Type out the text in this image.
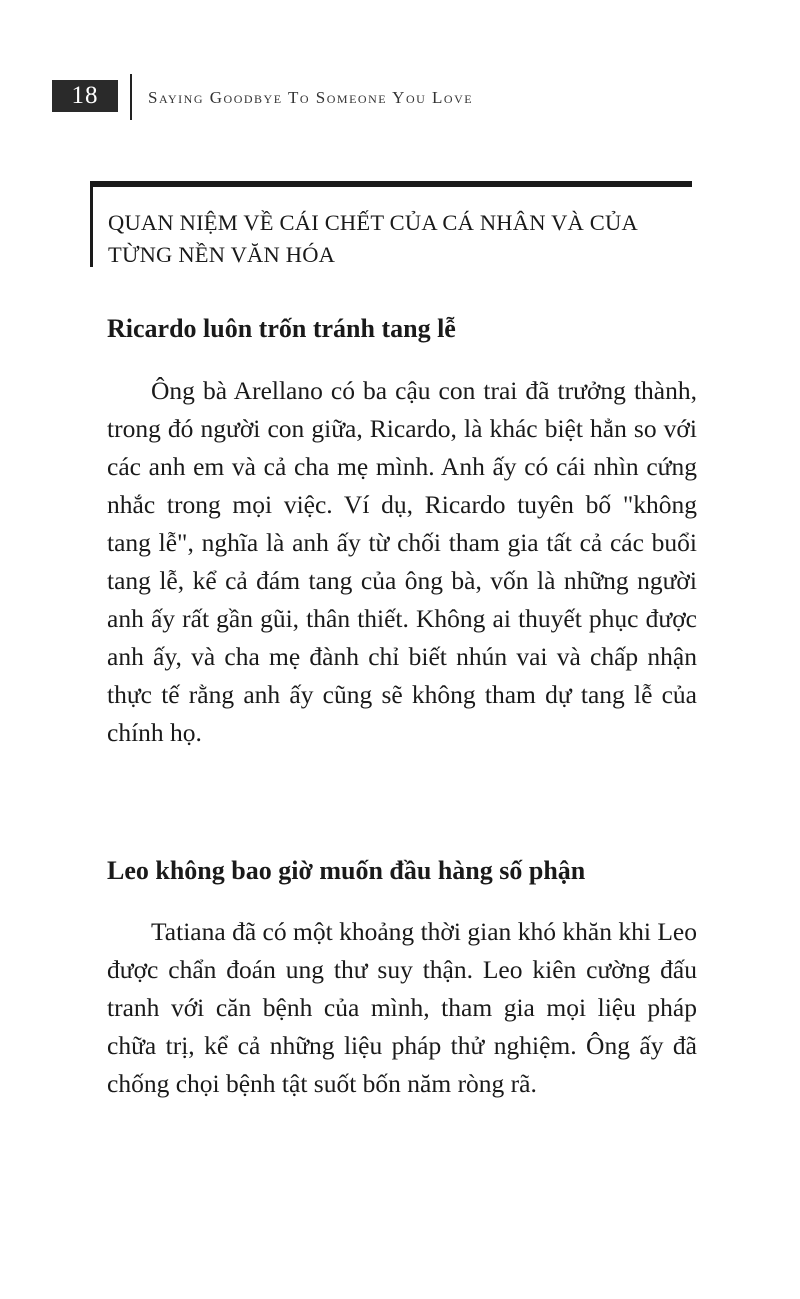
18	Saying Goodbye To Someone You Love
QUAN NIỆM VỀ CÁI CHẾT CỦA CÁ NHÂN VÀ CỦA TỪNG NỀN VĂN HÓA
Ricardo luôn trốn tránh tang lễ

Ông bà Arellano có ba cậu con trai đã trưởng thành, trong đó người con giữa, Ricardo, là khác biệt hẳn so với các anh em và cả cha mẹ mình. Anh ấy có cái nhìn cứng nhắc trong mọi việc. Ví dụ, Ricardo tuyên bố "không tang lễ", nghĩa là anh ấy từ chối tham gia tất cả các buổi tang lễ, kể cả đám tang của ông bà, vốn là những người anh ấy rất gần gũi, thân thiết. Không ai thuyết phục được anh ấy, và cha mẹ đành chỉ biết nhún vai và chấp nhận thực tế rằng anh ấy cũng sẽ không tham dự tang lễ của chính họ.

Leo không bao giờ muốn đầu hàng số phận

Tatiana đã có một khoảng thời gian khó khăn khi Leo được chẩn đoán ung thư suy thận. Leo kiên cường đấu tranh với căn bệnh của mình, tham gia mọi liệu pháp chữa trị, kể cả những liệu pháp thử nghiệm. Ông ấy đã chống chọi bệnh tật suốt bốn năm ròng rã.
